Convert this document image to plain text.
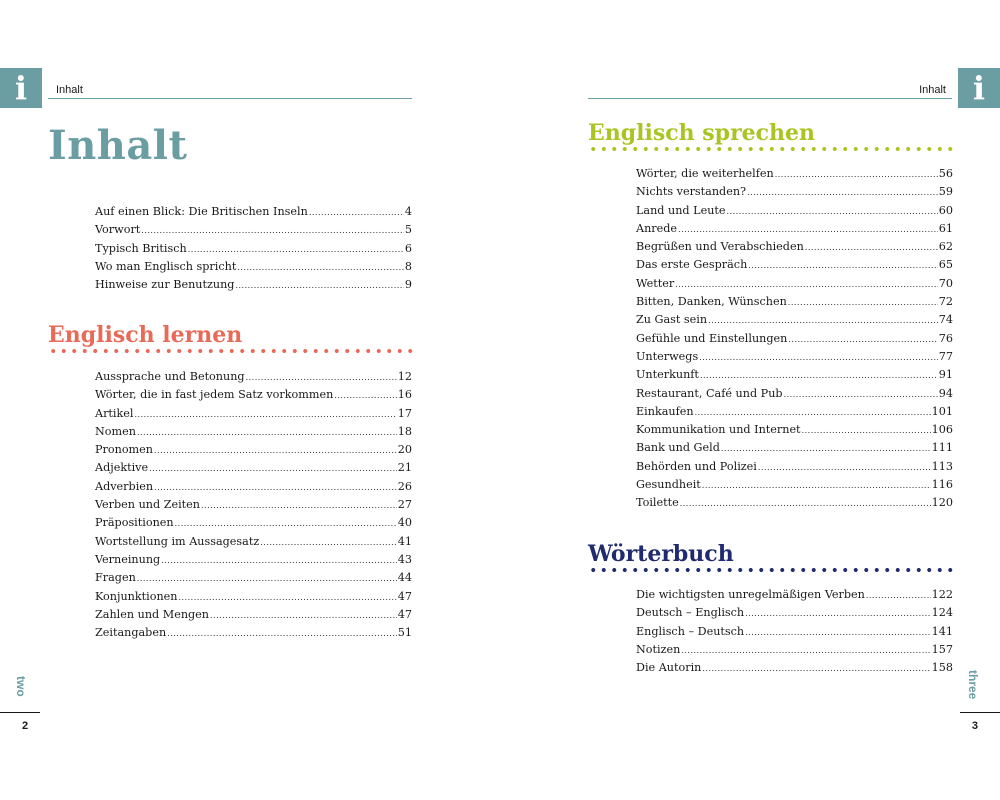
i	Inhalt
Inhalt
Auf einen Blick: Die Britischen Inseln .....	4
Vorwort .....	5
Typisch Britisch .....	6
Wo man Englisch spricht .....	8
Hinweise zur Benutzung .....	9
Englisch lernen
Aussprache und Betonung .....	12
Wörter, die in fast jedem Satz vorkommen .....	16
Artikel .....	17
Nomen .....	18
Pronomen .....	20
Adjektive .....	21
Adverbien .....	26
Verben und Zeiten .....	27
Präpositionen .....	40
Wortstellung im Aussagesatz .....	41
Verneinung .....	43
Fragen .....	44
Konjunktionen .....	47
Zahlen und Mengen .....	47
Zeitangaben .....	51
two
2
i
Inhalt
Englisch sprechen
Wörter, die weiterhelfen .....	56
Nichts verstanden? .....	59
Land und Leute .....	60
Anrede .....	61
Begrüßen und Verabschieden .....	62
Das erste Gespräch .....	65
Wetter .....	70
Bitten, Danken, Wünschen .....	72
Zu Gast sein .....	74
Gefühle und Einstellungen .....	76
Unterwegs .....	77
Unterkunft .....	91
Restaurant, Café und Pub .....	94
Einkaufen .....	101
Kommunikation und Internet .....	106
Bank und Geld .....	111
Behörden und Polizei .....	113
Gesundheit .....	116
Toilette .....	120
Wörterbuch
Die wichtigsten unregelmäßigen Verben .....	122
Deutsch – Englisch .....	124
Englisch – Deutsch .....	141
Notizen .....	157
Die Autorin .....	158
three
3
